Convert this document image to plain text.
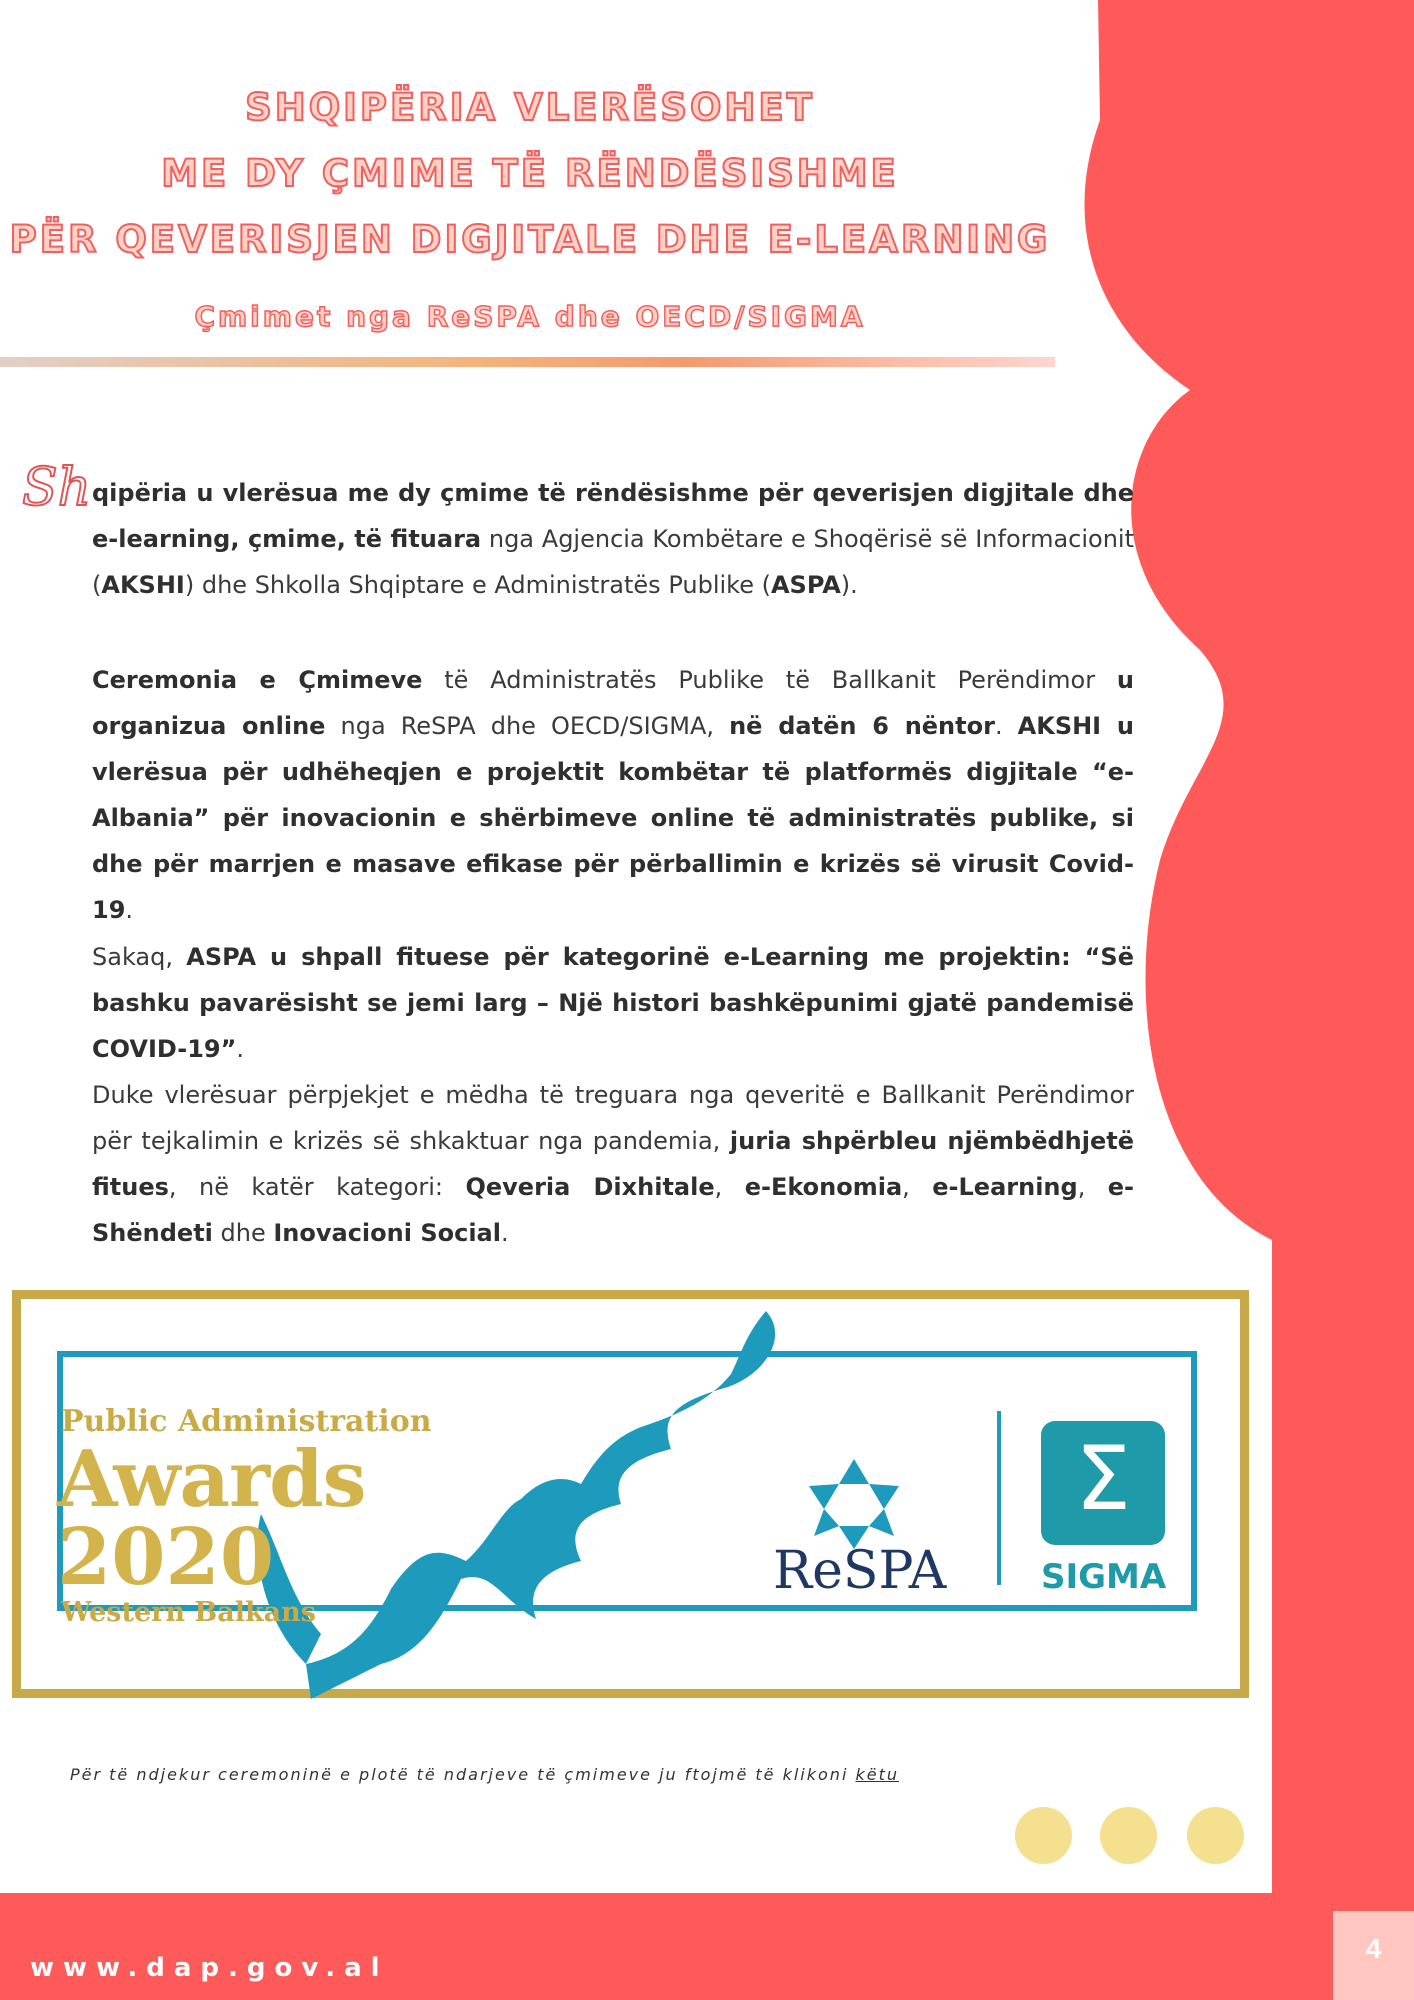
SHQIPËRIA VLERËSOHET
ME DY ÇMIME TË RËNDËSISHME
PËR QEVERISJEN DIGJITALE DHE E-LEARNING
Çmimet nga ReSPA dhe OECD/SIGMA
Sh qipëria u vlerësua me dy çmime të rëndësishme për qeverisjen digjitale dhe e-learning, çmime, të fituara nga Agjencia Kombëtare e Shoqërisë së Informacionit (AKSHI) dhe Shkolla Shqiptare e Administratës Publike (ASPA).
Ceremonia e Çmimeve të Administratës Publike të Ballkanit Perëndimor u organizua online nga ReSPA dhe OECD/SIGMA, në datën 6 nëntor. AKSHI u vlerësua për udhëheqjen e projektit kombëtar të platformës digjitale “e-Albania” për inovacionin e shërbimeve online të administratës publike, si dhe për marrjen e masave efikase për përballimin e krizës së virusit Covid-19.
Sakaq, ASPA u shpall fituese për kategorinë e-Learning me projektin: “Së bashku pavarësisht se jemi larg – Një histori bashkëpunimi gjatë pandemisë COVID-19”.
Duke vlerësuar përpjekjet e mëdha të treguara nga qeveritë e Ballkanit Perëndimor për tejkalimin e krizës së shkaktuar nga pandemia, juria shpërbleu njëmbëdhjetë fitues, në katër kategori: Qeveria Dixhitale, e-Ekonomia, e-Learning, e-Shëndeti dhe Inovacioni Social.
Public Administration
Awards
2020
Western Balkans
ReSPA
Σ
SIGMA
Për të ndjekur ceremoninë e plotë të ndarjeve të çmimeve ju ftojmë të klikoni këtu
www.dap.gov.al
4
